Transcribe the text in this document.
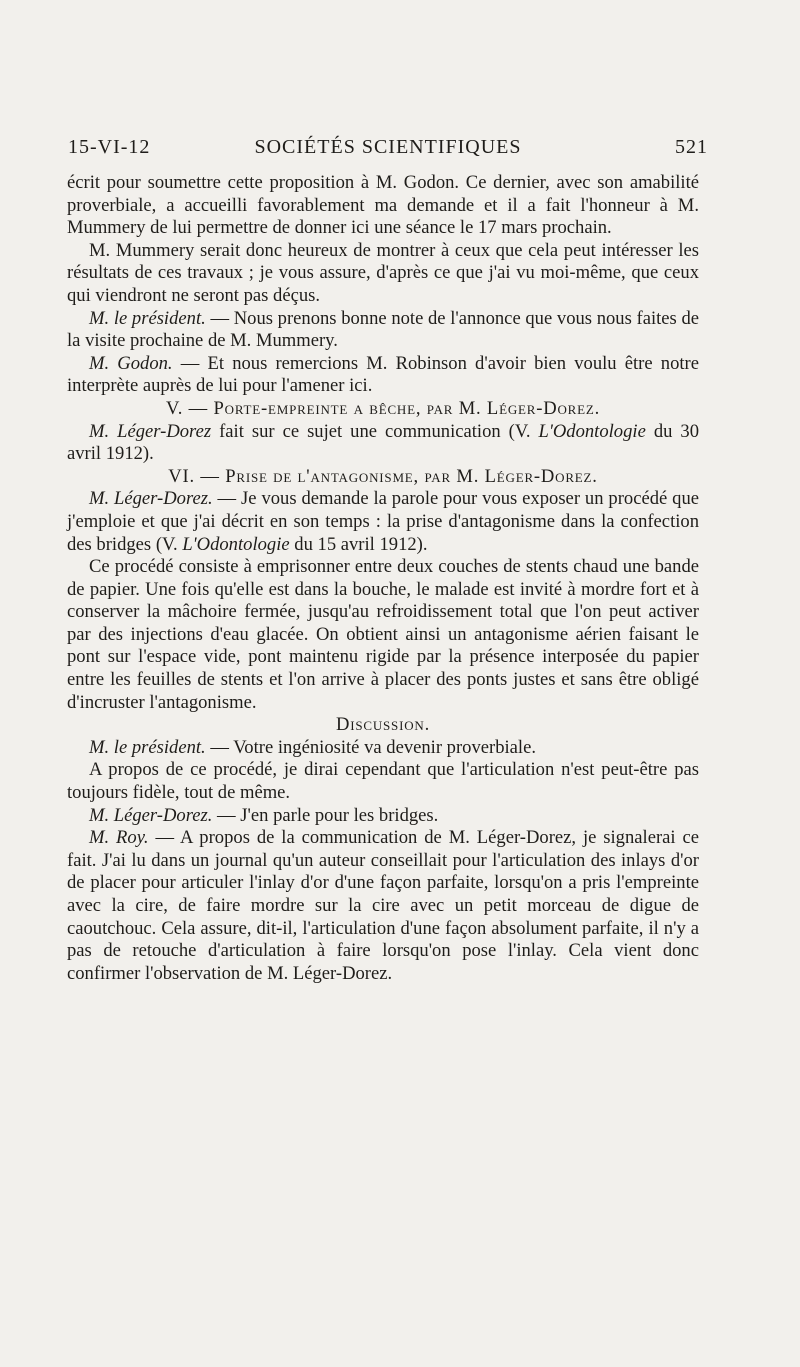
15-VI-12	SOCIÉTÉS SCIENTIFIQUES	521

écrit pour soumettre cette proposition à M. Godon. Ce dernier, avec son amabilité proverbiale, a accueilli favorablement ma demande et il a fait l'honneur à M. Mummery de lui permettre de donner ici une séance le 17 mars prochain.

M. Mummery serait donc heureux de montrer à ceux que cela peut intéresser les résultats de ces travaux ; je vous assure, d'après ce que j'ai vu moi-même, que ceux qui viendront ne seront pas déçus.

M. le président. — Nous prenons bonne note de l'annonce que vous nous faites de la visite prochaine de M. Mummery.

M. Godon. — Et nous remercions M. Robinson d'avoir bien voulu être notre interprète auprès de lui pour l'amener ici.

V. — Porte-empreinte a bêche, par M. Léger-Dorez.

M. Léger-Dorez fait sur ce sujet une communication (V. L'Odontologie du 30 avril 1912).

VI. — Prise de l'antagonisme, par M. Léger-Dorez.

M. Léger-Dorez. — Je vous demande la parole pour vous exposer un procédé que j'emploie et que j'ai décrit en son temps : la prise d'antagonisme dans la confection des bridges (V. L'Odontologie du 15 avril 1912).

Ce procédé consiste à emprisonner entre deux couches de stents chaud une bande de papier. Une fois qu'elle est dans la bouche, le malade est invité à mordre fort et à conserver la mâchoire fermée, jusqu'au refroidissement total que l'on peut activer par des injections d'eau glacée. On obtient ainsi un antagonisme aérien faisant le pont sur l'espace vide, pont maintenu rigide par la présence interposée du papier entre les feuilles de stents et l'on arrive à placer des ponts justes et sans être obligé d'incruster l'antagonisme.

Discussion.

M. le président. — Votre ingéniosité va devenir proverbiale.

A propos de ce procédé, je dirai cependant que l'articulation n'est peut-être pas toujours fidèle, tout de même.

M. Léger-Dorez. — J'en parle pour les bridges.

M. Roy. — A propos de la communication de M. Léger-Dorez, je signalerai ce fait. J'ai lu dans un journal qu'un auteur conseillait pour l'articulation des inlays d'or de placer pour articuler l'inlay d'or d'une façon parfaite, lorsqu'on a pris l'empreinte avec la cire, de faire mordre sur la cire avec un petit morceau de digue de caoutchouc. Cela assure, dit-il, l'articulation d'une façon absolument parfaite, il n'y a pas de retouche d'articulation à faire lorsqu'on pose l'inlay. Cela vient donc confirmer l'observation de M. Léger-Dorez.
